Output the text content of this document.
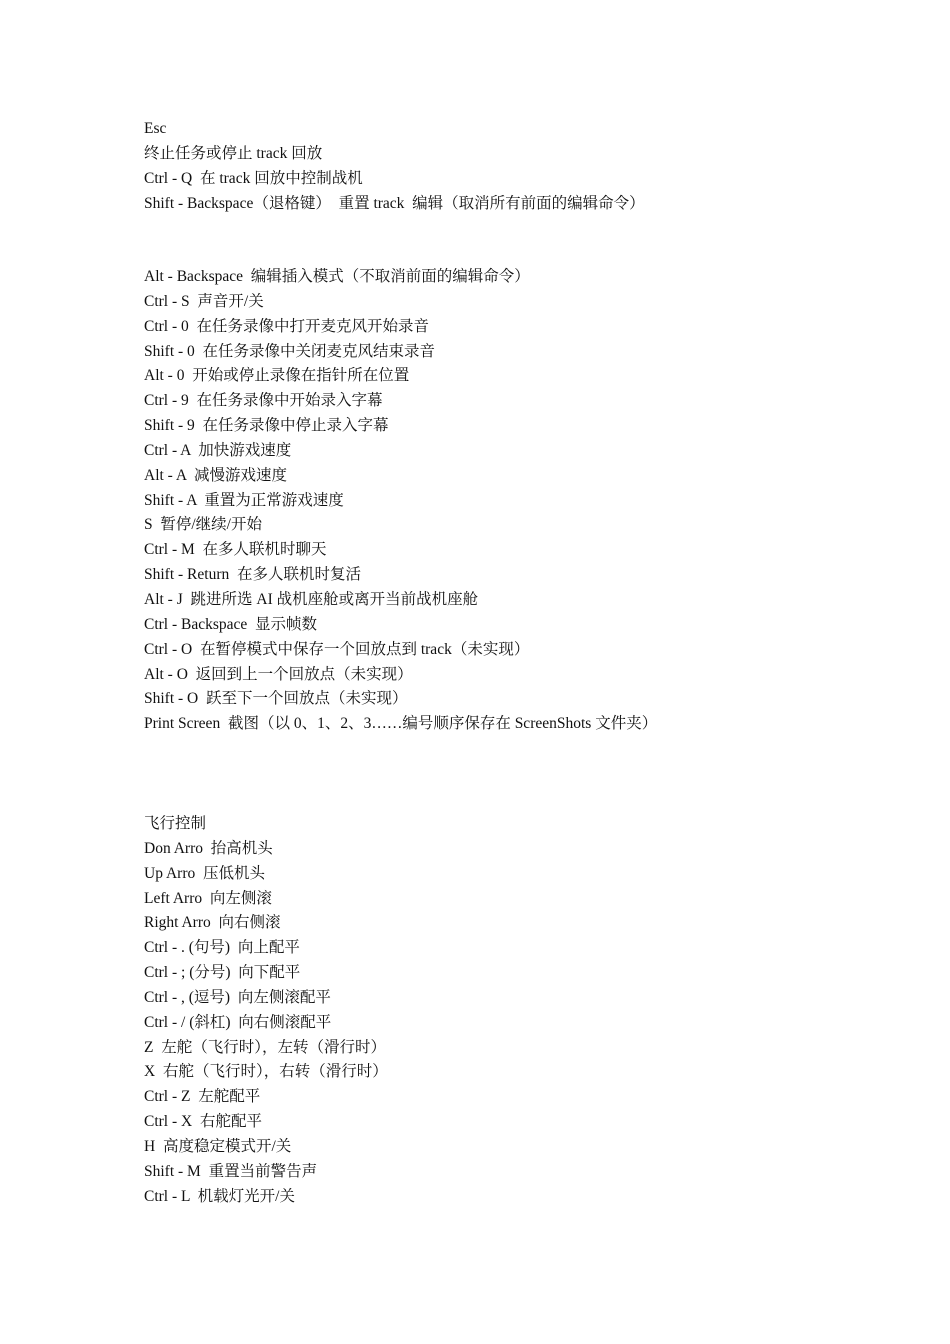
Esc
终止任务或停止 track 回放
Ctrl - Q  在 track 回放中控制战机
Shift - Backspace（退格键）  重置 track  编辑（取消所有前面的编辑命令）
Alt - Backspace  编辑插入模式（不取消前面的编辑命令）
Ctrl - S  声音开/关
Ctrl - 0  在任务录像中打开麦克风开始录音
Shift - 0  在任务录像中关闭麦克风结束录音
Alt - 0  开始或停止录像在指针所在位置
Ctrl - 9  在任务录像中开始录入字幕
Shift - 9  在任务录像中停止录入字幕
Ctrl - A  加快游戏速度
Alt - A  减慢游戏速度
Shift - A  重置为正常游戏速度
S  暂停/继续/开始
Ctrl - M  在多人联机时聊天
Shift - Return  在多人联机时复活
Alt - J  跳进所选 AI 战机座舱或离开当前战机座舱
Ctrl - Backspace  显示帧数
Ctrl - O  在暂停模式中保存一个回放点到 track（未实现）
Alt - O  返回到上一个回放点（未实现）
Shift - O  跃至下一个回放点（未实现）
Print Screen  截图（以 0、1、2、3……编号顺序保存在 ScreenShots 文件夹）
飞行控制
Don Arro  抬高机头
Up Arro  压低机头
Left Arro  向左侧滚
Right Arro  向右侧滚
Ctrl - . (句号)  向上配平
Ctrl - ; (分号)  向下配平
Ctrl - , (逗号)  向左侧滚配平
Ctrl - / (斜杠)  向右侧滚配平
Z  左舵（飞行时），左转（滑行时）
X  右舵（飞行时），右转（滑行时）
Ctrl - Z  左舵配平
Ctrl - X  右舵配平
H  高度稳定模式开/关
Shift - M  重置当前警告声
Ctrl - L  机载灯光开/关
